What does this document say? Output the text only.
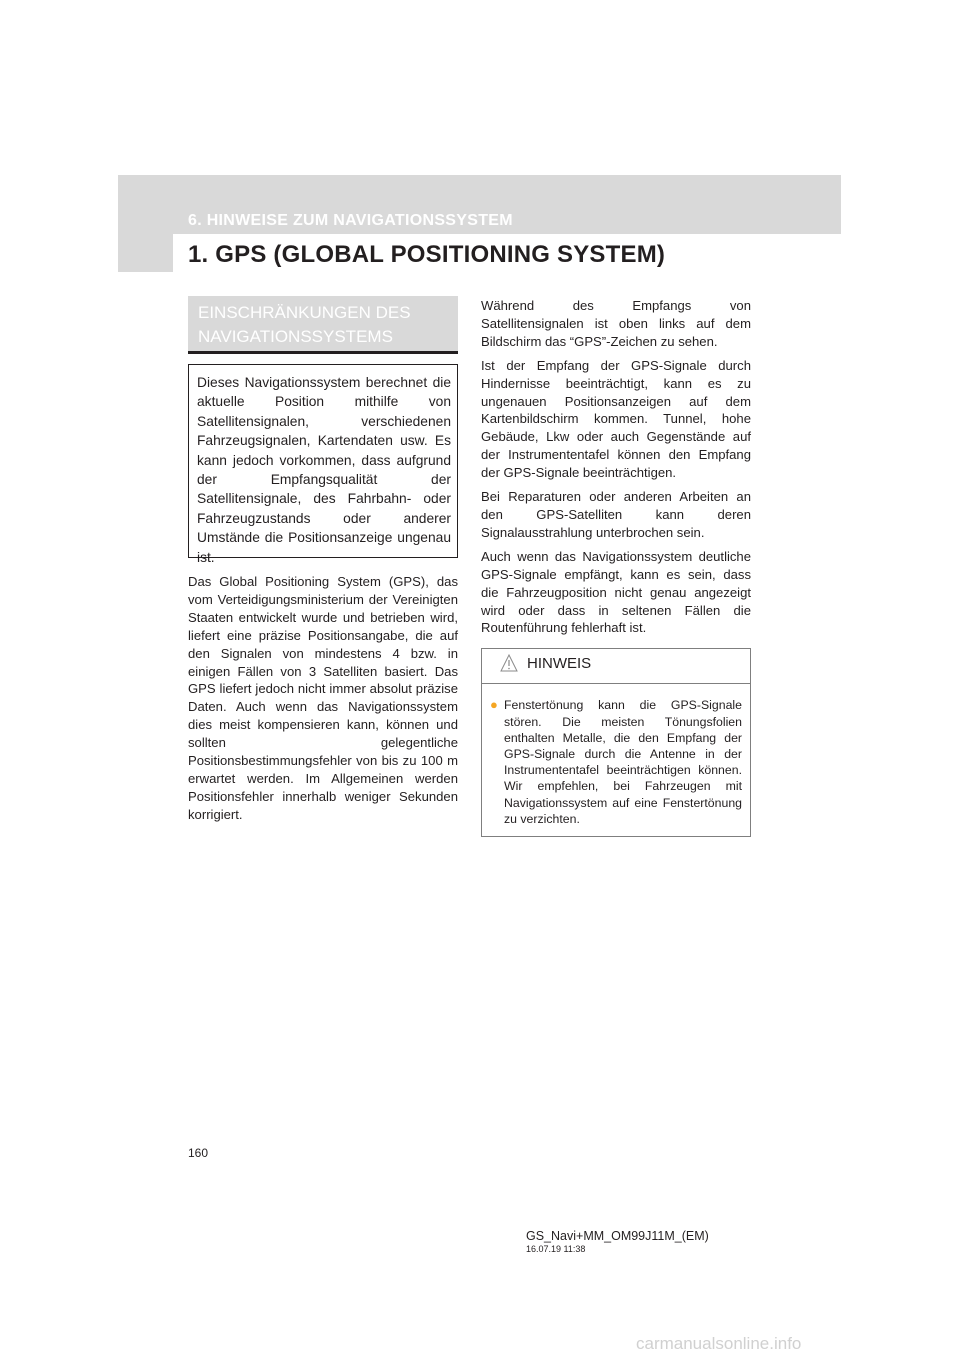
6. HINWEISE ZUM NAVIGATIONSSYSTEM
1. GPS (GLOBAL POSITIONING SYSTEM)
EINSCHRÄNKUNGEN DES
NAVIGATIONSSYSTEMS
Dieses Navigationssystem berechnet die aktuelle Position mithilfe von Satellitensignalen, verschiedenen Fahrzeugsignalen, Kartendaten usw. Es kann jedoch vorkommen, dass aufgrund der Empfangsqualität der Satellitensignale, des Fahrbahn- oder Fahrzeugzustands oder anderer Umstände die Positionsanzeige ungenau ist.

Das Global Positioning System (GPS), das vom Verteidigungsministerium der Vereinigten Staaten entwickelt wurde und betrieben wird, liefert eine präzise Positionsangabe, die auf den Signalen von mindestens 4 bzw. in einigen Fällen von 3 Satelliten basiert. Das GPS liefert jedoch nicht immer absolut präzise Daten. Auch wenn das Navigationssystem dies meist kompensieren kann, können und sollten gelegentliche Positionsbestimmungsfehler von bis zu 100 m erwartet werden. Im Allgemeinen werden Positionsfehler innerhalb weniger Sekunden korrigiert.

Während des Empfangs von Satellitensignalen ist oben links auf dem Bildschirm das “GPS”-Zeichen zu sehen.

Ist der Empfang der GPS-Signale durch Hindernisse beeinträchtigt, kann es zu ungenauen Positionsanzeigen auf dem Kartenbildschirm kommen. Tunnel, hohe Gebäude, Lkw oder auch Gegenstände auf der Instrumententafel können den Empfang der GPS-Signale beeinträchtigen.

Bei Reparaturen oder anderen Arbeiten an den GPS-Satelliten kann deren Signalausstrahlung unterbrochen sein.

Auch wenn das Navigationssystem deutliche GPS-Signale empfängt, kann es sein, dass die Fahrzeugposition nicht genau angezeigt wird oder dass in seltenen Fällen die Routenführung fehlerhaft ist.

HINWEIS
● Fenstertönung kann die GPS-Signale stören. Die meisten Tönungsfolien enthalten Metalle, die den Empfang der GPS-Signale durch die Antenne in der Instrumententafel beeinträchtigen können. Wir empfehlen, bei Fahrzeugen mit Navigationssystem auf eine Fenstertönung zu verzichten.
160
GS_Navi+MM_OM99J11M_(EM)
16.07.19 11:38
carmanualsonline.info
